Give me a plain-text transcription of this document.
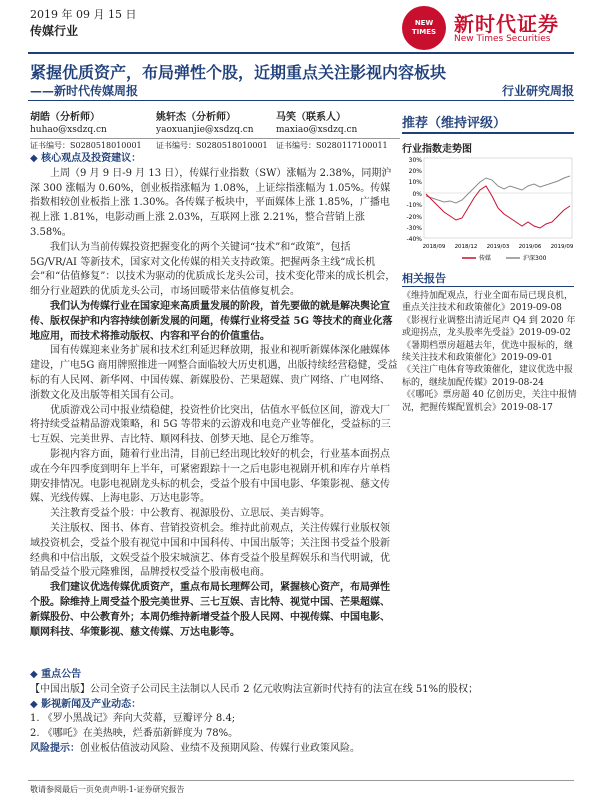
2019 年 09 月 15 日
传媒行业
NEW TIMES 新时代证券
New Times Securities
紧握优质资产，布局弹性个股，近期重点关注影视内容板块
——新时代传媒周报	行业研究周报
胡皓（分析师）
huhao@xsdzq.cn
证书编号：S0280518010001
姚轩杰（分析师）
yaoxuanjie@xsdzq.cn
证书编号：S0280518010001
马笑（联系人）
maxiao@xsdzq.cn
证书编号：S0280117100011
推荐（维持评级）
行业指数走势图
30%
20%
10%
0%
-10%
-20%
-30%
-40%
2018/09 2018/12 2019/03 2019/06 2019/09
传媒	沪深300
相关报告
《维持加配观点，行业全面布局已现良机，重点关注技术和政策催化》2019-09-08
《影视行业调整出清近尾声 Q4 到 2020 年或迎拐点，龙头股率先受益》2019-09-02
《暑期档票房超越去年，优选中报标的，继续关注技术和政策催化》2019-09-01
《关注广电体育等政策催化，建议优选中报标的，继续加配传媒》2019-08-24
《《哪吒》票房超 40 亿创历史，关注中报情况，把握传媒配置机会》2019-08-17

◆ 核心观点及投资建议：

上周（9 月 9 日-9 月 13 日），传媒行业指数（SW）涨幅为 2.38%，同期沪深 300 涨幅为 0.60%，创业板指涨幅为 1.08%，上证综指涨幅为 1.05%。传媒指数相较创业板指上涨 1.30%。各传媒子板块中，平面媒体上涨 1.85%，广播电视上涨 1.81%，电影动画上涨 2.03%，互联网上涨 2.21%，整合营销上涨 3.58%。

我们认为当前传媒投资把握变化的两个关键词“技术”和“政策”，包括 5G/VR/AI 等新技术，国家对文化传媒的相关支持政策。把握两条主线“成长机会”和“估值修复”：以技术为驱动的优质成长龙头公司，技术变化带来的成长机会，细分行业超跌的优质龙头公司，市场回暖带来估值修复机会。

我们认为传媒行业在国家迎来高质量发展的阶段，首先要做的就是解决舆论宣传、版权保护和内容持续创新发展的问题，传媒行业将受益 5G 等技术的商业化落地应用，而技术将推动版权、内容和平台的价值重估。

国有传媒迎来业务扩展和技术红利延迟释放期，报业和视听新媒体深化融媒体建设，广电5G 商用牌照推进一网整合面临较大历史机遇，出版持续经营稳健，受益标的有人民网、新华网、中国传媒、新媒股份、芒果超媒、贵广网络、广电网络、浙数文化及出版等相关国有公司。

优质游戏公司中报业绩稳健，投资性价比突出，估值水平低位区间，游戏大厂将持续受益精品游戏策略，和 5G 等带来的云游戏和电竞产业等催化，受益标的三七互娱、完美世界、吉比特、顺网科技、创梦天地、昆仑万维等。

影视内容方面，随着行业出清，目前已经出现比较好的机会，行业基本面拐点或在今年四季度到明年上半年，可紧密跟踪十一之后电影电视剧开机和库存片单档期安排情况。电影电视剧龙头标的机会，受益个股有中国电影、华策影视、慈文传媒、光线传媒、上海电影、万达电影等。

关注教育受益个股：中公教育、视源股份、立思辰、美吉姆等。

关注版权、图书、体育、营销投资机会。维持此前观点，关注传媒行业版权领域投资机会，受益个股有视觉中国和中国科传、中国出版等；关注图书受益个股新经典和中信出版，文娱受益个股宋城演艺、体育受益个股星辉娱乐和当代明诚，优销品受益个股元隆雅图，品牌授权受益个股南极电商。

我们建议优选传媒优质资产，重点布局长理辉公司，紧握核心资产，布局弹性个股。除维持上周受益个股完美世界、三七互娱、吉比特、视觉中国、芒果超媒、新媒股份、中公教育外；本周仍维持新增受益个股人民网、中视传媒、中国电影、顺网科技、华策影视、慈文传媒、万达电影等。

◆ 重点公告

【中国出版】公司全资子公司民主法制以人民币 2 亿元收购法宣新时代持有的法宣在线 51%的股权；

◆ 影视新闻及产业动态：

1. 《罗小黑战记》奔向大荧幕，豆瓣评分 8.4;

2. 《哪吒》在美热映，烂番茄新鲜度为 78%。

风险提示：创业板估值波动风险、业绩不及预期风险、传媒行业政策风险。

敬请参阅最后一页免责声明-1-证券研究报告
